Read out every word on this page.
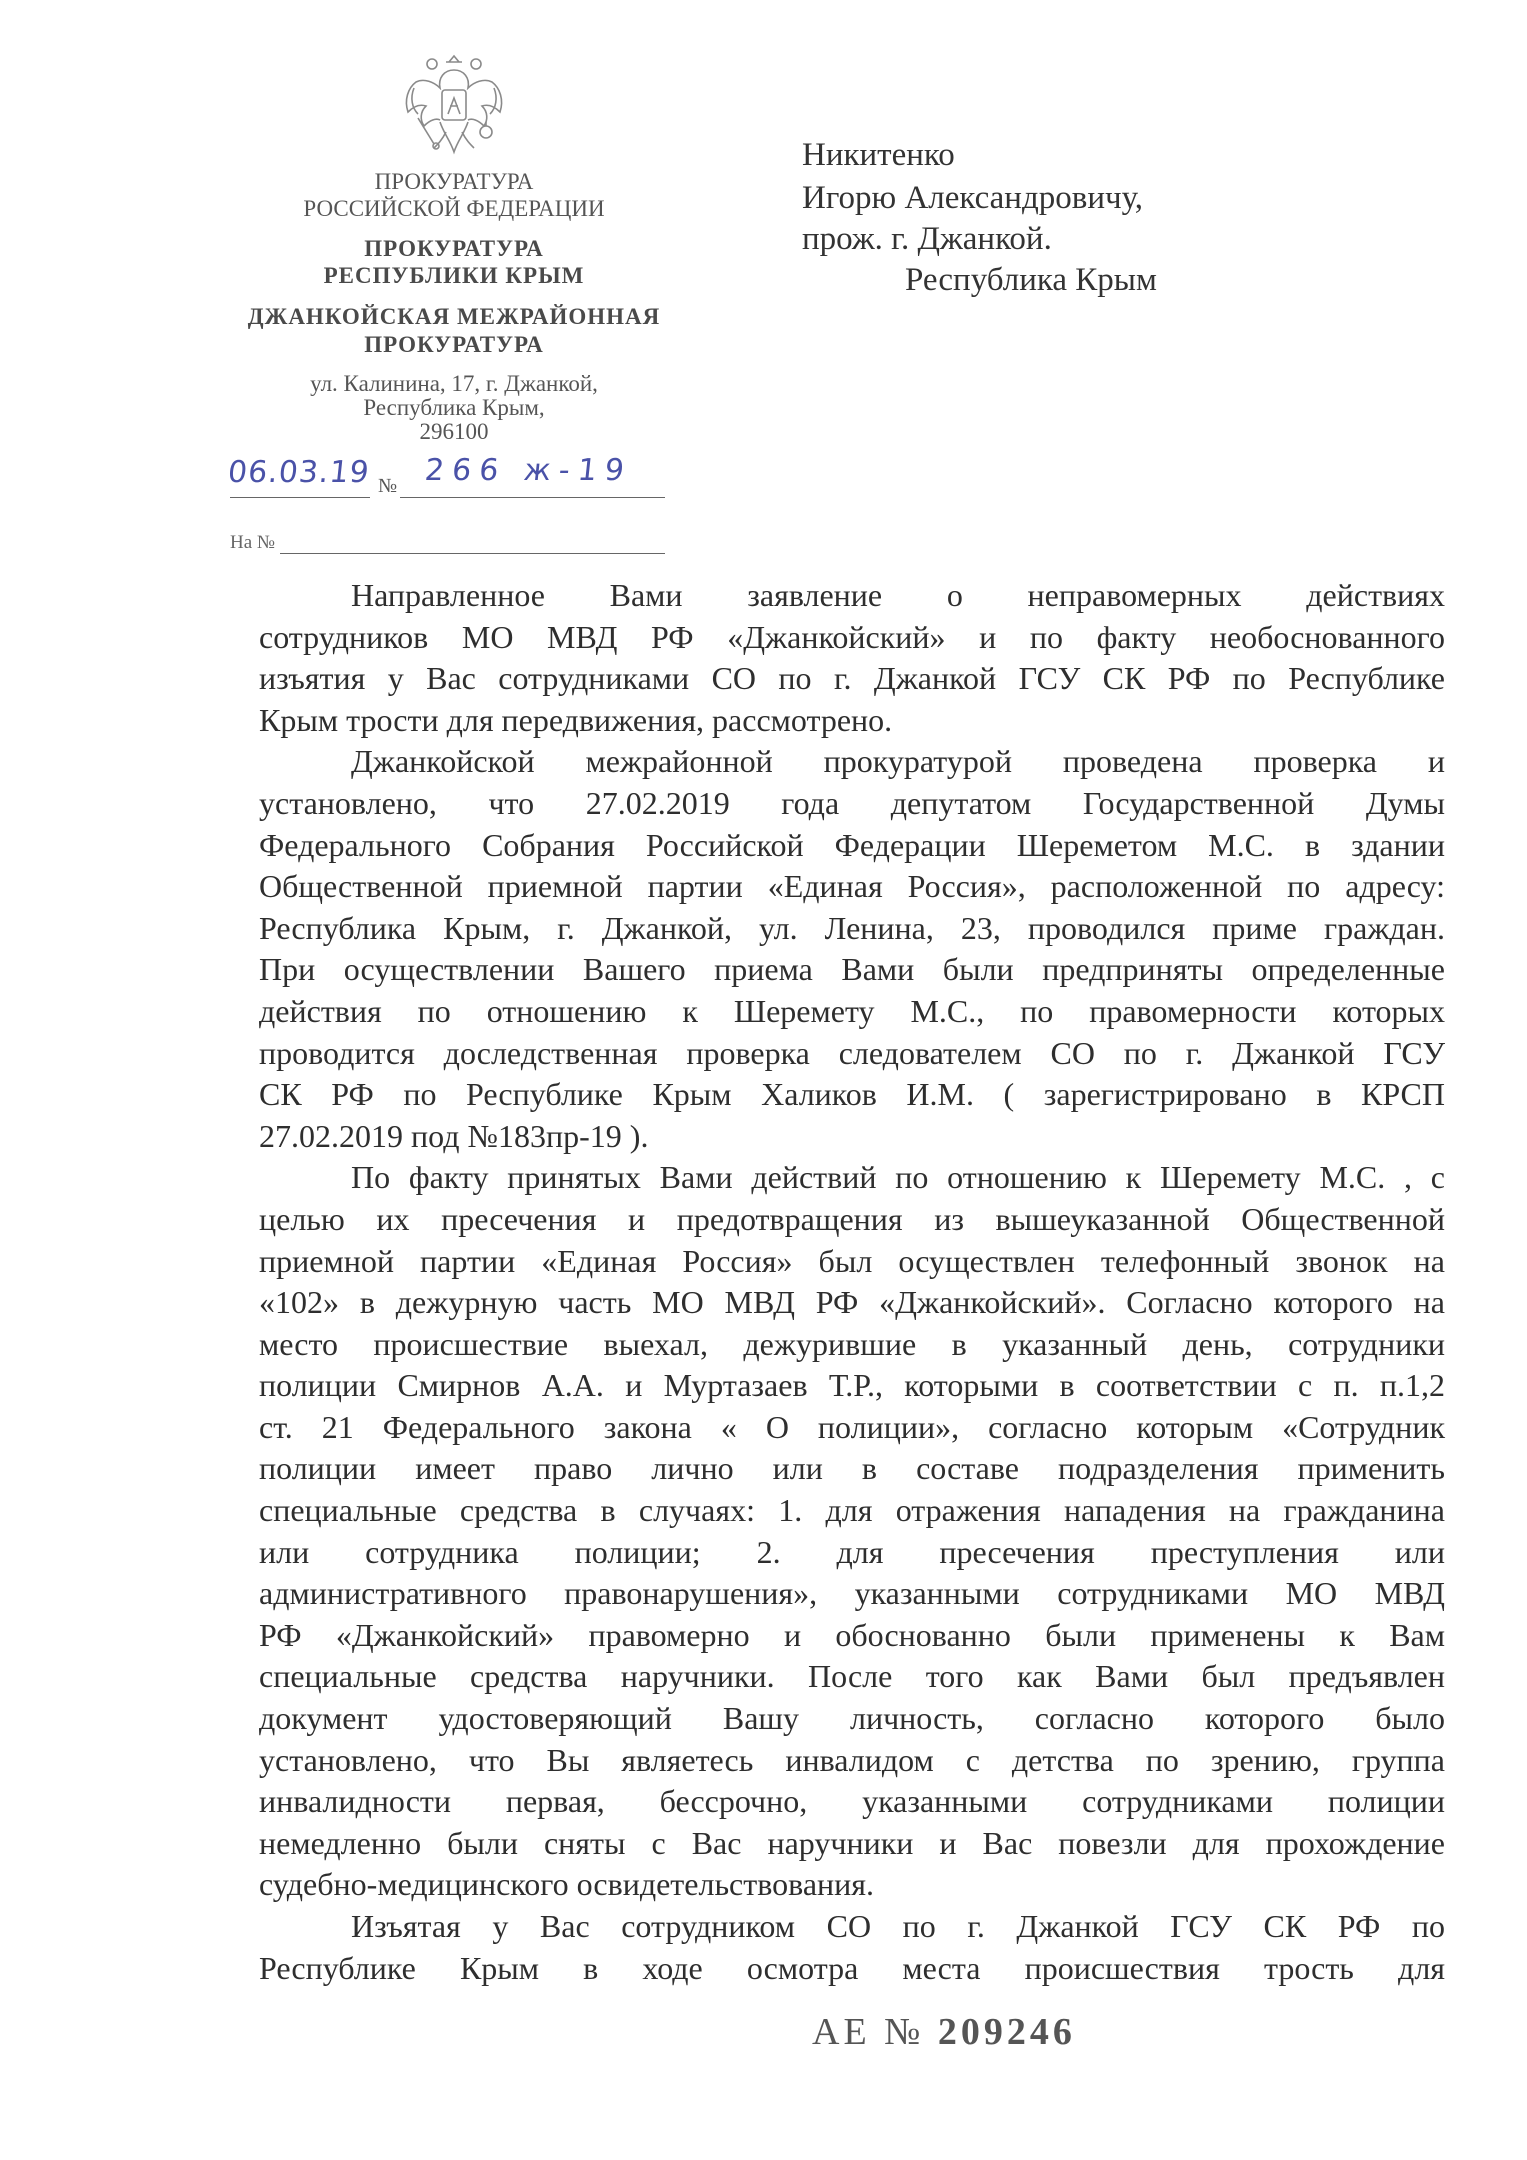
ПРОКУРАТУРА
РОССИЙСКОЙ ФЕДЕРАЦИИ
ПРОКУРАТУРА
РЕСПУБЛИКИ КРЫМ
ДЖАНКОЙСКАЯ МЕЖРАЙОННАЯ
ПРОКУРАТУРА
ул. Калинина, 17, г. Джанкой,
Республика Крым,
296100
06.03.19 № 266 ж-19
На №
Никитенко
Игорю Александровичу,
прож. г. Джанкой.
Республика Крым
Направленное Вами заявление о неправомерных действиях
сотрудников МО МВД РФ «Джанкойский» и по факту необоснованного
изъятия у Вас сотрудниками СО по г. Джанкой ГСУ СК РФ по Республике
Крым трости для передвижения, рассмотрено.
Джанкойской межрайонной прокуратурой проведена проверка и
установлено, что 27.02.2019 года депутатом Государственной Думы
Федерального Собрания Российской Федерации Шереметом М.С. в здании
Общественной приемной партии «Единая Россия», расположенной по адресу:
Республика Крым, г. Джанкой, ул. Ленина, 23, проводился приме граждан.
При осуществлении Вашего приема Вами были предприняты определенные
действия по отношению к Шеремету М.С., по правомерности которых
проводится доследственная проверка следователем СО по г. Джанкой ГСУ
СК РФ по Республике Крым Халиков И.М. ( зарегистрировано в КРСП
27.02.2019 под №183пр-19 ).
По факту принятых Вами действий по отношению к Шеремету М.С. , с
целью их пресечения и предотвращения из вышеуказанной Общественной
приемной партии «Единая Россия» был осуществлен телефонный звонок на
«102» в дежурную часть МО МВД РФ «Джанкойский». Согласно которого на
место происшествие выехал, дежурившие в указанный день, сотрудники
полиции Смирнов А.А. и Муртазаев Т.Р., которыми в соответствии с п. п.1,2
ст. 21 Федерального закона « О полиции», согласно которым «Сотрудник
полиции имеет право лично или в составе подразделения применить
специальные средства в случаях: 1. для отражения нападения на гражданина
или сотрудника полиции; 2. для пресечения преступления или
административного правонарушения», указанными сотрудниками МО МВД
РФ «Джанкойский» правомерно и обоснованно были применены к Вам
специальные средства наручники. После того как Вами был предъявлен
документ удостоверяющий Вашу личность, согласно которого было
установлено, что Вы являетесь инвалидом с детства по зрению, группа
инвалидности первая, бессрочно, указанными сотрудниками полиции
немедленно были сняты с Вас наручники и Вас повезли для прохождение
судебно-медицинского освидетельствования.
Изъятая у Вас сотрудником СО по г. Джанкой ГСУ СК РФ по
Республике Крым в ходе осмотра места происшествия трость для
АЕ № 209246
